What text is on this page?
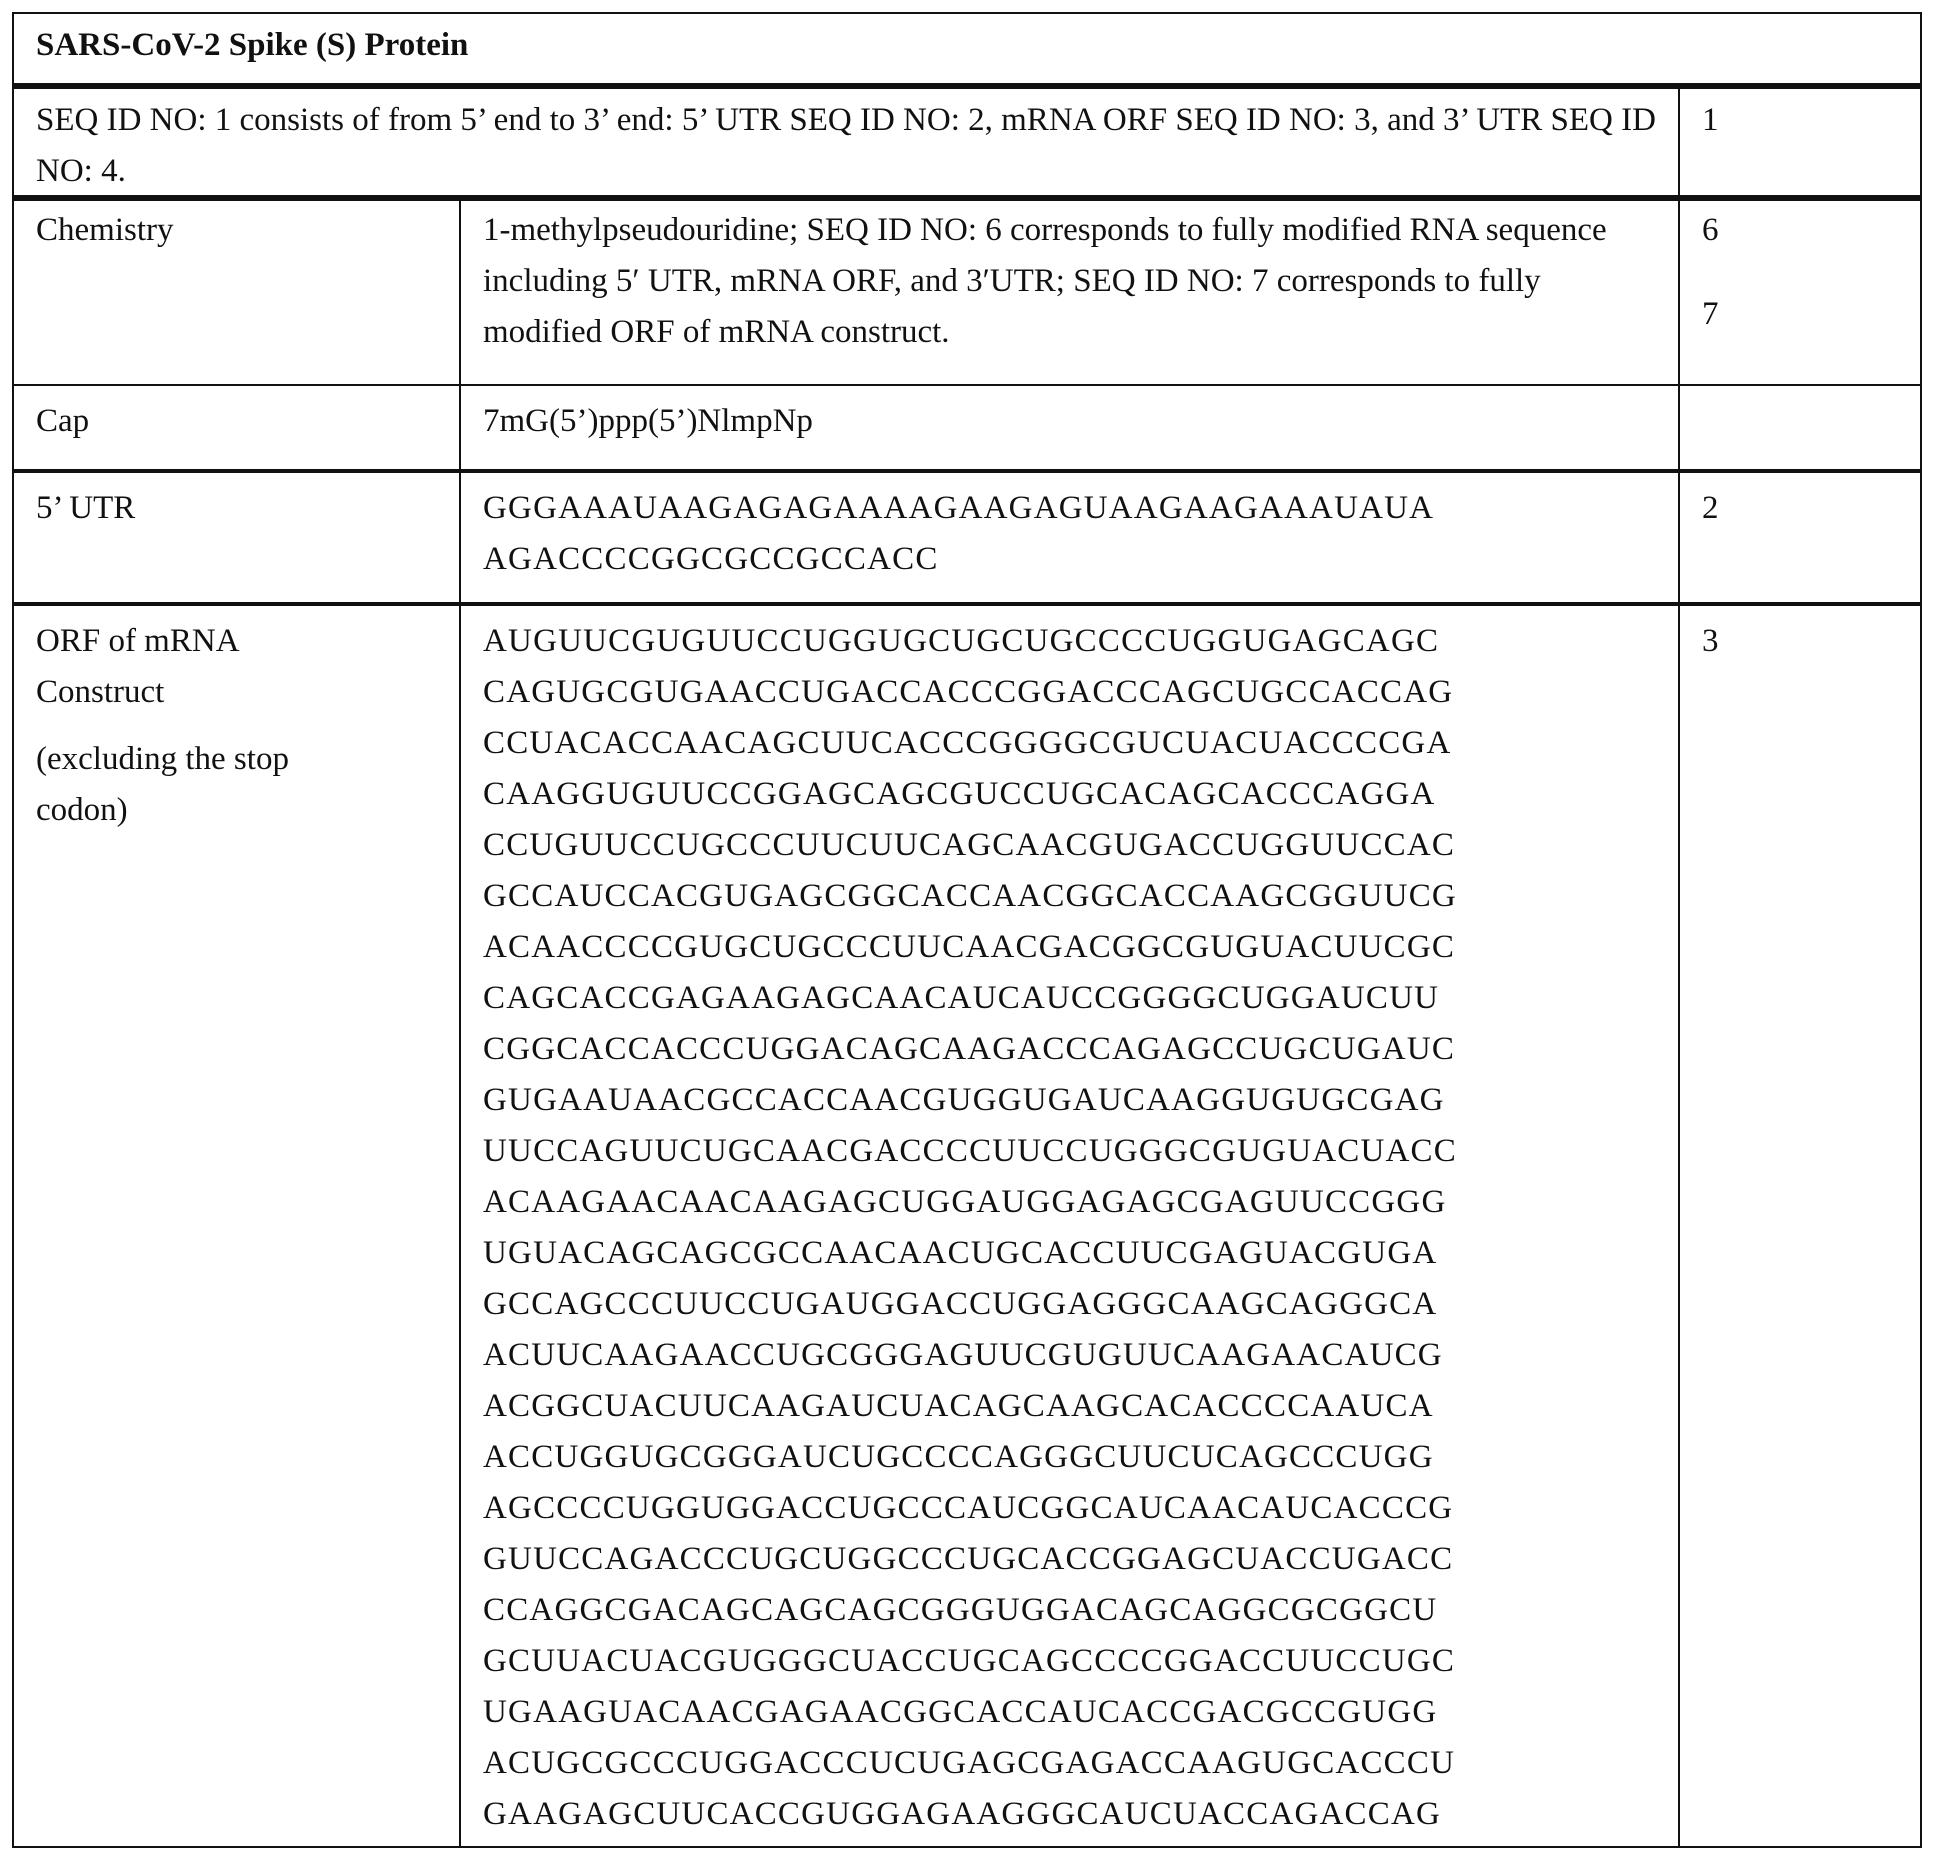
SARS-CoV-2 Spike (S) Protein
SEQ ID NO: 1 consists of from 5’ end to 3’ end: 5’ UTR SEQ ID NO: 2, mRNA ORF SEQ ID NO: 3, and 3’ UTR SEQ ID NO: 4.
1
Chemistry	1-methylpseudouridine; SEQ ID NO: 6 corresponds to fully modified RNA sequence including 5′ UTR, mRNA ORF, and 3′UTR; SEQ ID NO: 7 corresponds to fully modified ORF of mRNA construct.
6
7
Cap	7mG(5’)ppp(5’)NlmpNp
5’ UTR	GGGAAAUAAGAGAGAAAAGAAGAGUAAGAAGAAAUAUA
AGACCCCGGCGCCGCCACC
2
ORF of mRNA Construct
(excluding the stop codon)
AUGUUCGUGUUCCUGGUGCUGCUGCCCCUGGUGAGCAGC
CAGUGCGUGAACCUGACCACCCGGACCCAGCUGCCACCAG
CCUACACCAACAGCUUCACCCGGGGCGUCUACUACCCCGA
CAAGGUGUUCCGGAGCAGCGUCCUGCACAGCACCCAGGA
CCUGUUCCUGCCCUUCUUCAGCAACGUGACCUGGUUCCAC
GCCAUCCACGUGAGCGGCACCAACGGCACCAAGCGGUUCG
ACAACCCCGUGCUGCCCUUCAACGACGGCGUGUACUUCGC
CAGCACCGAGAAGAGCAACAUCAUCCGGGGCUGGAUCUU
CGGCACCACCCUGGACAGCAAGACCCAGAGCCUGCUGAUC
GUGAAUAACGCCACCAACGUGGUGAUCAAGGUGUGCGAG
UUCCAGUUCUGCAACGACCCCUUCCUGGGCGUGUACUACC
ACAAGAACAACAAGAGCUGGAUGGAGAGCGAGUUCCGGG
UGUACAGCAGCGCCAACAACUGCACCUUCGAGUACGUGA
GCCAGCCCUUCCUGAUGGACCUGGAGGGCAAGCAGGGCA
ACUUCAAGAACCUGCGGGAGUUCGUGUUCAAGAACAUCG
ACGGCUACUUCAAGAUCUACAGCAAGCACACCCCAAUCA
ACCUGGUGCGGGAUCUGCCCCAGGGCUUCUCAGCCCUGG
AGCCCCUGGUGGACCUGCCCAUCGGCAUCAACAUCACCCG
GUUCCAGACCCUGCUGGCCCUGCACCGGAGCUACCUGACC
CCAGGCGACAGCAGCAGCGGGUGGACAGCAGGCGCGGCU
GCUUACUACGUGGGCUACCUGCAGCCCCGGACCUUCCUGC
UGAAGUACAACGAGAACGGCACCAUCACCGACGCCGUGG
ACUGCGCCCUGGACCCUCUGAGCGAGACCAAGUGCACCCU
GAAGAGCUUCACCGUGGAGAAGGGCAUCUACCAGACCAG
3
